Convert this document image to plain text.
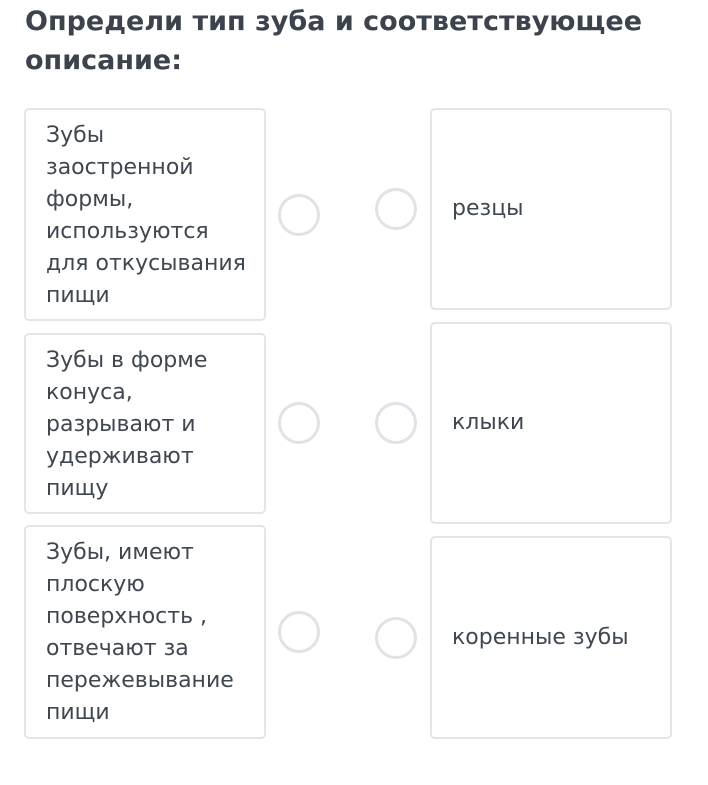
Определи тип зуба и соответствующее описание:
Зубы
заостренной
формы,
используются
для откусывания
пищи
Зубы в форме
конуса,
разрывают и
удерживают
пищу
Зубы, имеют
плоскую
поверхность ,
отвечают за
пережевывание
пищи
резцы
клыки
коренные зубы
